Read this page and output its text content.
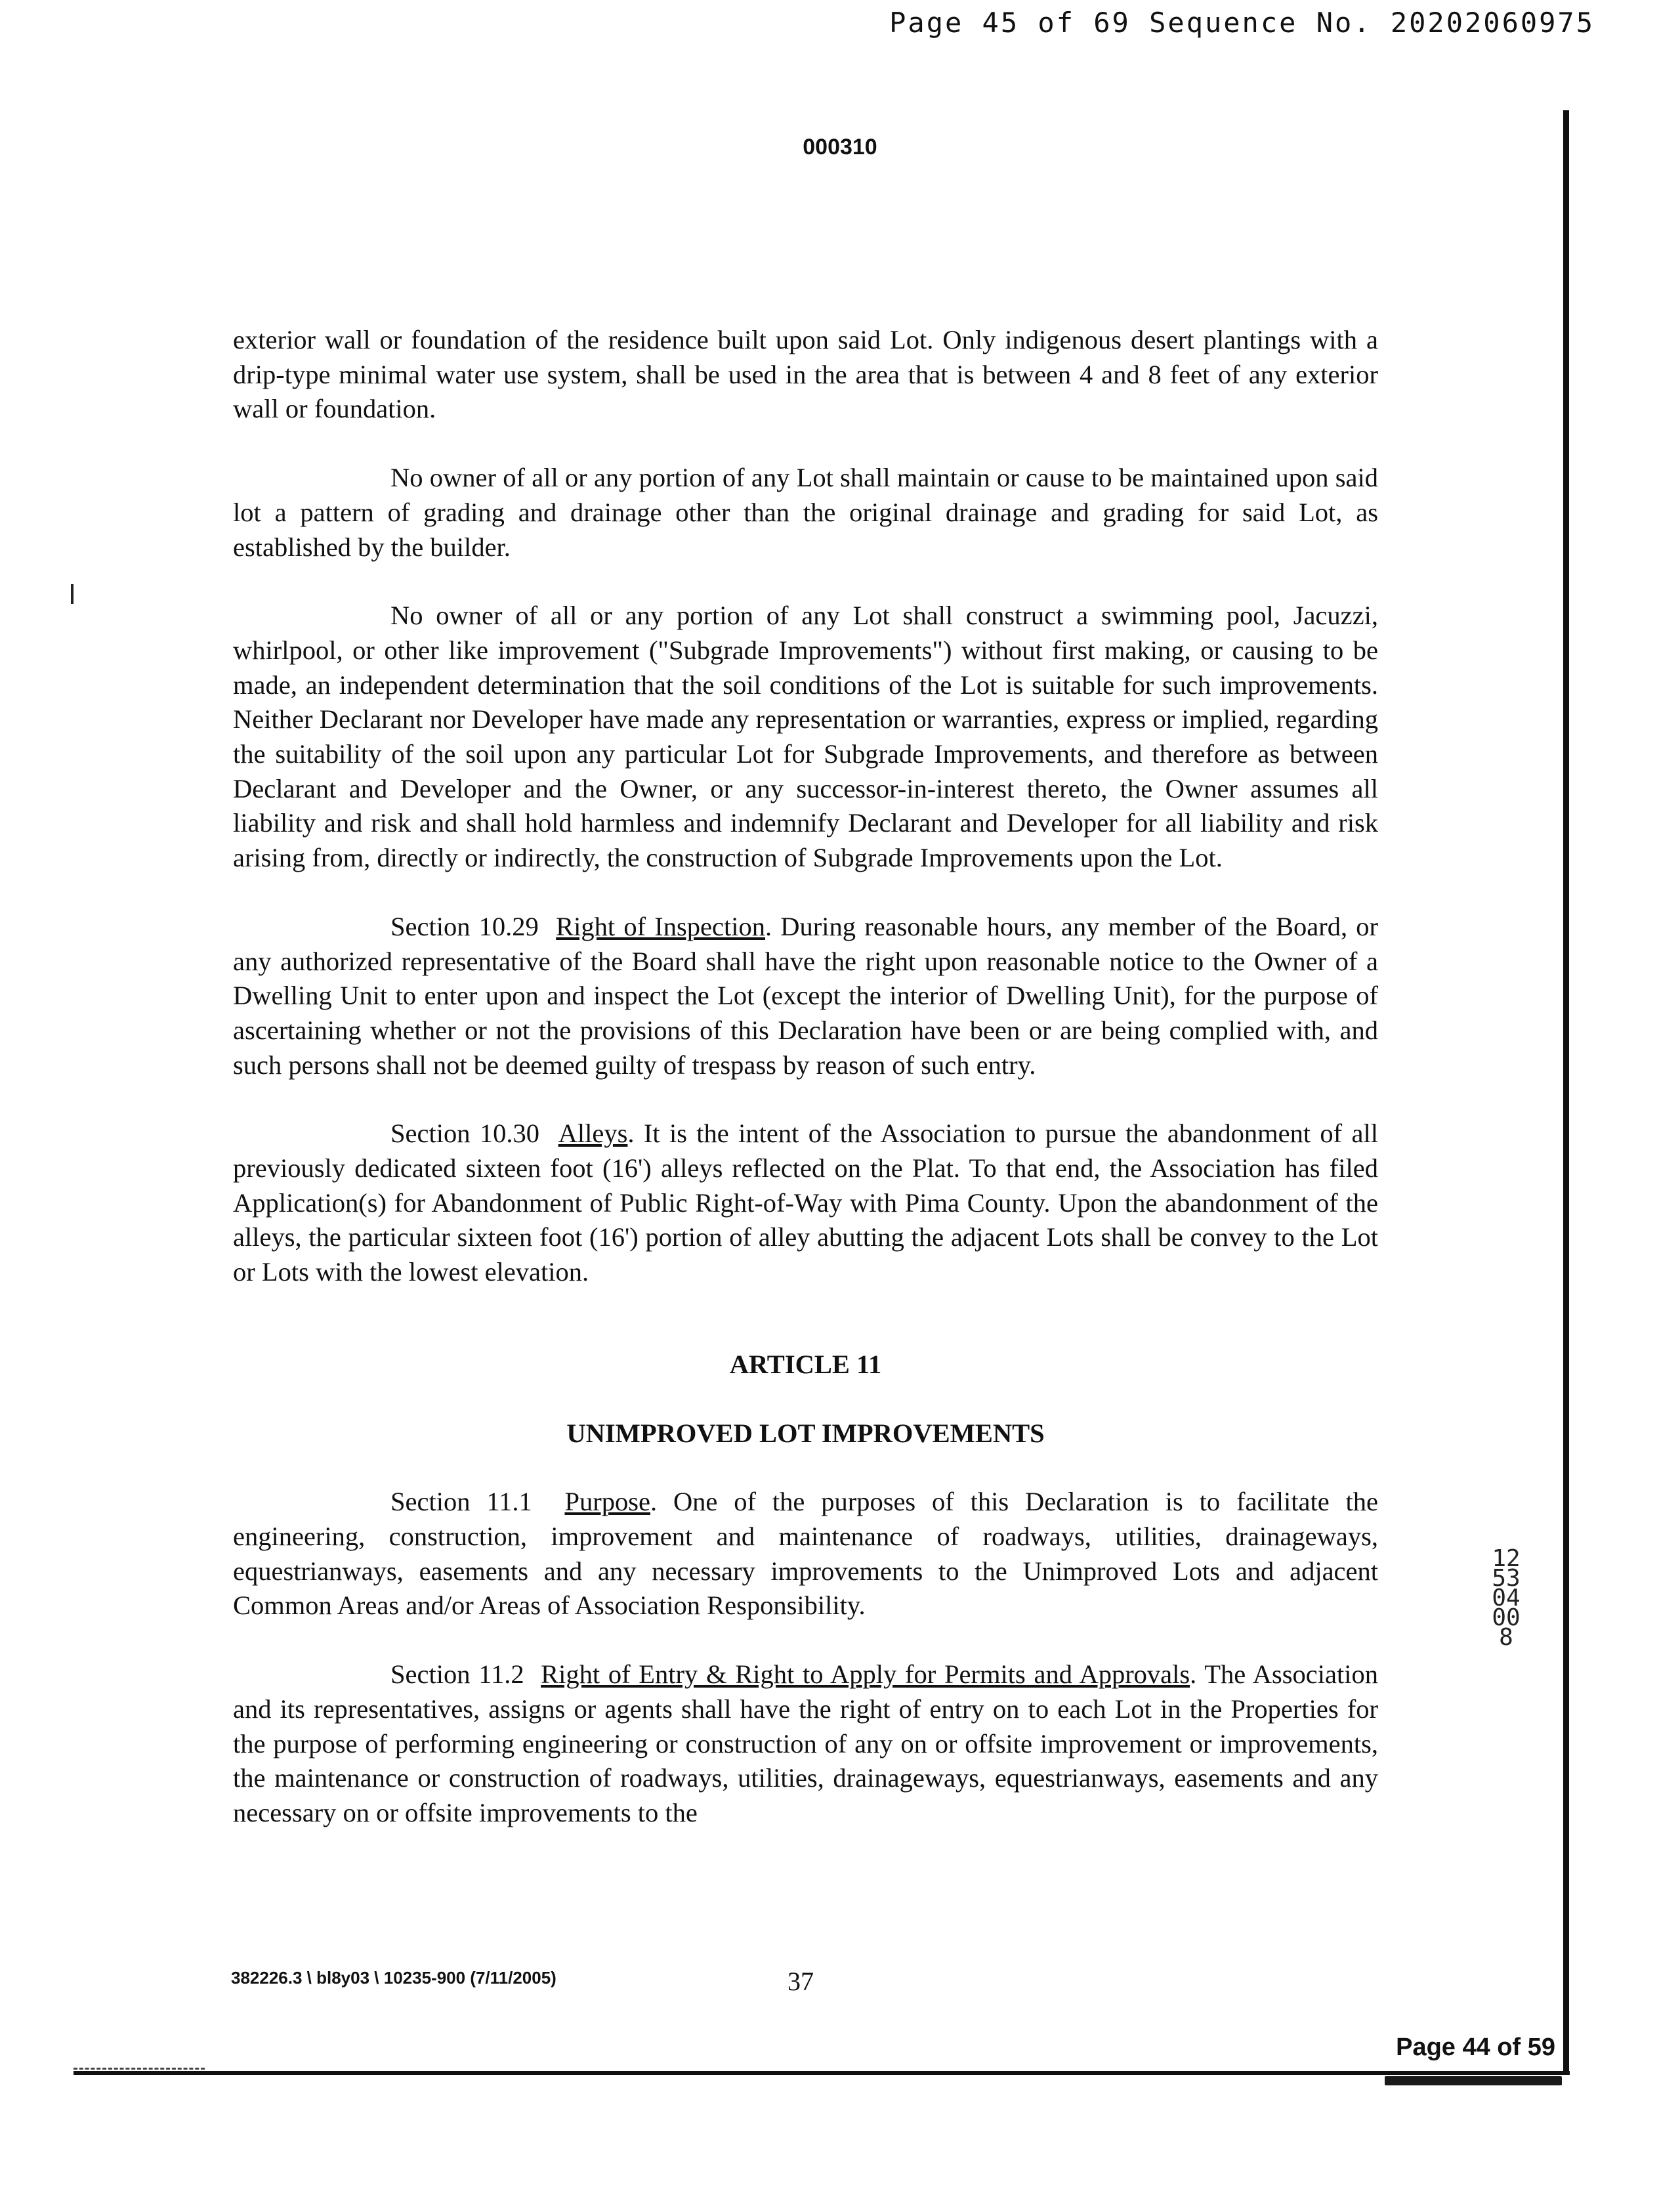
Page 45 of 69 Sequence No. 20202060975
000310

exterior wall or foundation of the residence built upon said Lot. Only indigenous desert plantings with a drip-type minimal water use system, shall be used in the area that is between 4 and 8 feet of any exterior wall or foundation.

No owner of all or any portion of any Lot shall maintain or cause to be maintained upon said lot a pattern of grading and drainage other than the original drainage and grading for said Lot, as established by the builder.

No owner of all or any portion of any Lot shall construct a swimming pool, Jacuzzi, whirlpool, or other like improvement ("Subgrade Improvements") without first making, or causing to be made, an independent determination that the soil conditions of the Lot is suitable for such improvements. Neither Declarant nor Developer have made any representation or warranties, express or implied, regarding the suitability of the soil upon any particular Lot for Subgrade Improvements, and therefore as between Declarant and Developer and the Owner, or any successor-in-interest thereto, the Owner assumes all liability and risk and shall hold harmless and indemnify Declarant and Developer for all liability and risk arising from, directly or indirectly, the construction of Subgrade Improvements upon the Lot.

Section 10.29 Right of Inspection. During reasonable hours, any member of the Board, or any authorized representative of the Board shall have the right upon reasonable notice to the Owner of a Dwelling Unit to enter upon and inspect the Lot (except the interior of Dwelling Unit), for the purpose of ascertaining whether or not the provisions of this Declaration have been or are being complied with, and such persons shall not be deemed guilty of trespass by reason of such entry.

Section 10.30 Alleys. It is the intent of the Association to pursue the abandonment of all previously dedicated sixteen foot (16') alleys reflected on the Plat. To that end, the Association has filed Application(s) for Abandonment of Public Right-of-Way with Pima County. Upon the abandonment of the alleys, the particular sixteen foot (16') portion of alley abutting the adjacent Lots shall be convey to the Lot or Lots with the lowest elevation.

ARTICLE 11

UNIMPROVED LOT IMPROVEMENTS

Section 11.1 Purpose. One of the purposes of this Declaration is to facilitate the engineering, construction, improvement and maintenance of roadways, utilities, drainageways, equestrianways, easements and any necessary improvements to the Unimproved Lots and adjacent Common Areas and/or Areas of Association Responsibility.

Section 11.2 Right of Entry & Right to Apply for Permits and Approvals. The Association and its representatives, assigns or agents shall have the right of entry on to each Lot in the Properties for the purpose of performing engineering or construction of any on or offsite improvement or improvements, the maintenance or construction of roadways, utilities, drainageways, equestrianways, easements and any necessary on or offsite improvements to the

1253 04008
382226.3 \ bl8y03 \ 10235-900 (7/11/2005)	37
Page 44 of 59
